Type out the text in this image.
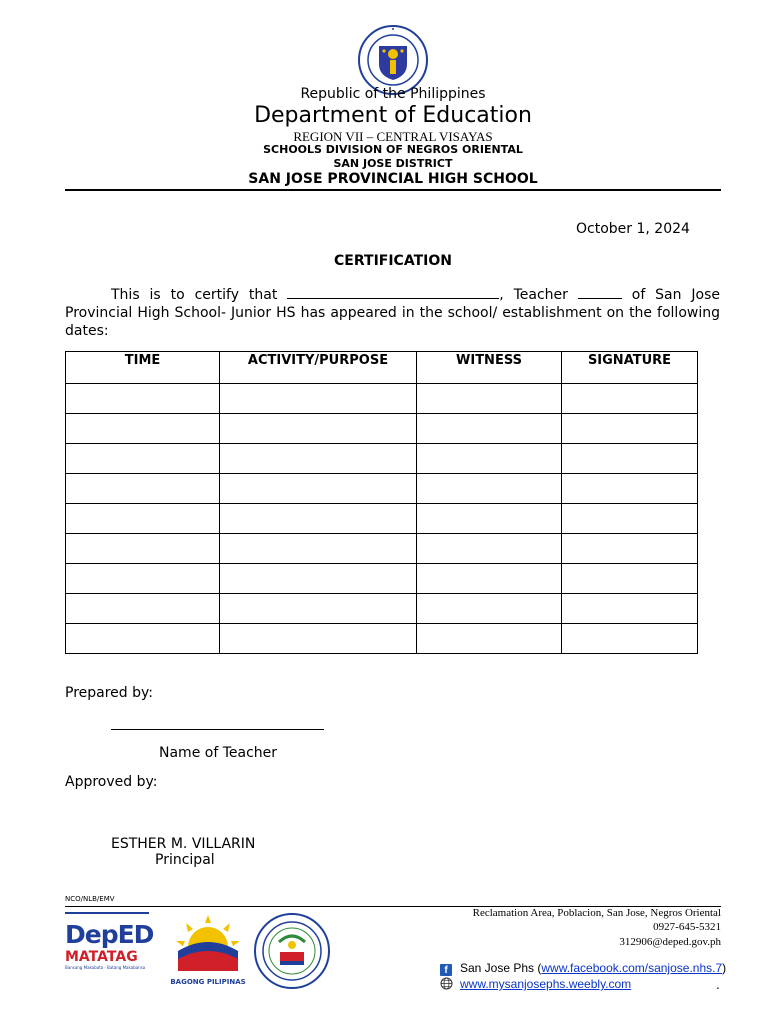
Republic of the Philippines
Department of Education
REGION VII – CENTRAL VISAYAS
SCHOOLS DIVISION OF NEGROS ORIENTAL
SAN JOSE DISTRICT
SAN JOSE PROVINCIAL HIGH SCHOOL
October 1, 2024
CERTIFICATION
This is to certify that	, Teacher	of San Jose Provincial High School- Junior HS has appeared in the school/ establishment on the following dates:
TIME	ACTIVITY/PURPOSE	WITNESS	SIGNATURE

Prepared by:
Name of Teacher
Approved by:
ESTHER M. VILLARIN
Principal
NCO/NLB/EMV
DepED
MATATAG
Bansang Makabata · Batang Makabansa
BAGONG PILIPINAS
Reclamation Area, Poblacion, San Jose, Negros Oriental
0927-645-5321
312906@deped.gov.ph
f San Jose Phs (www.facebook.com/sanjose.nhs.7)
www.mysanjosephs.weebly.com	.
